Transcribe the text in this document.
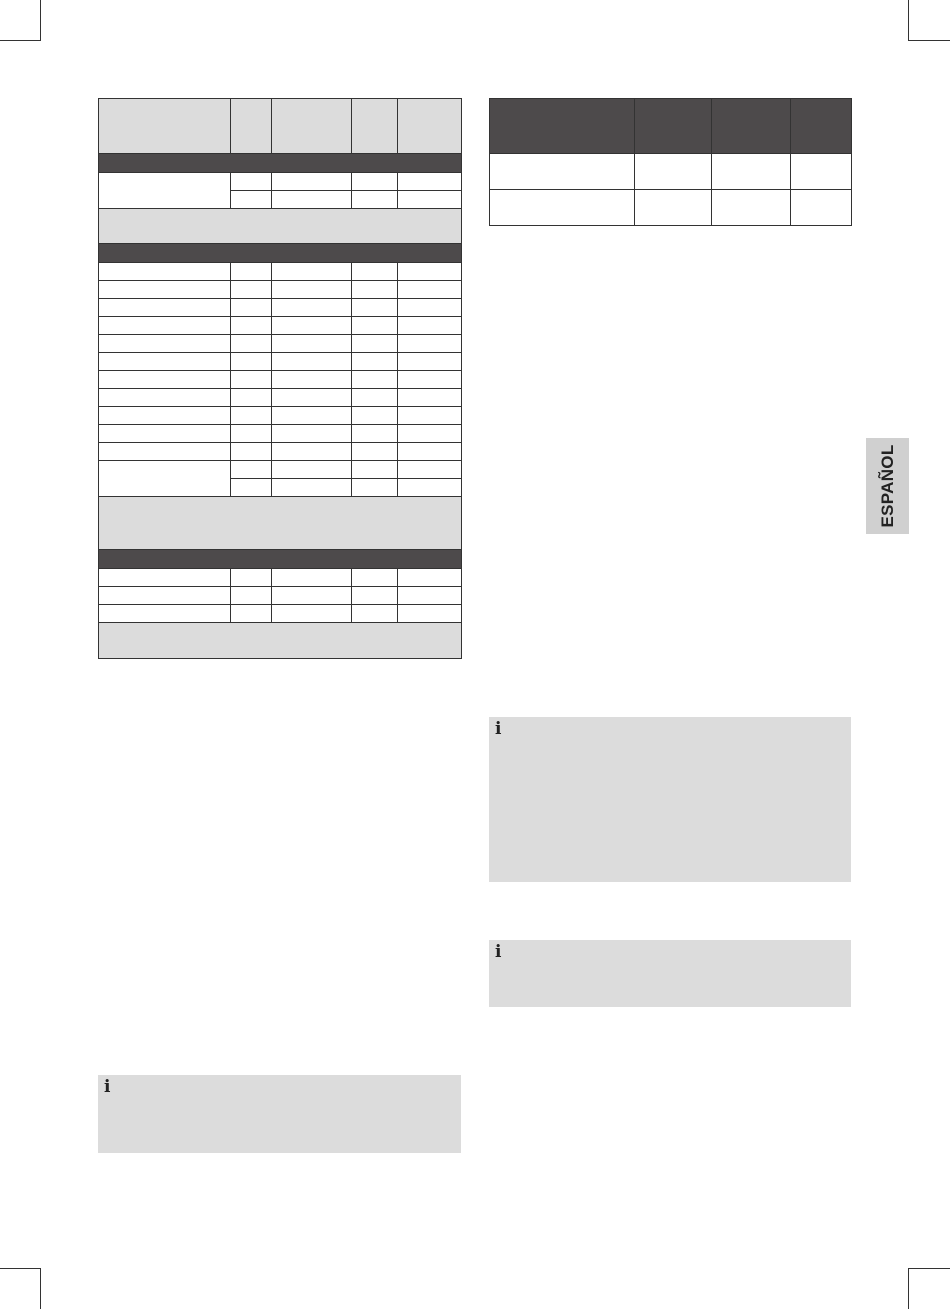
i
i
i
ESPAÑOL
